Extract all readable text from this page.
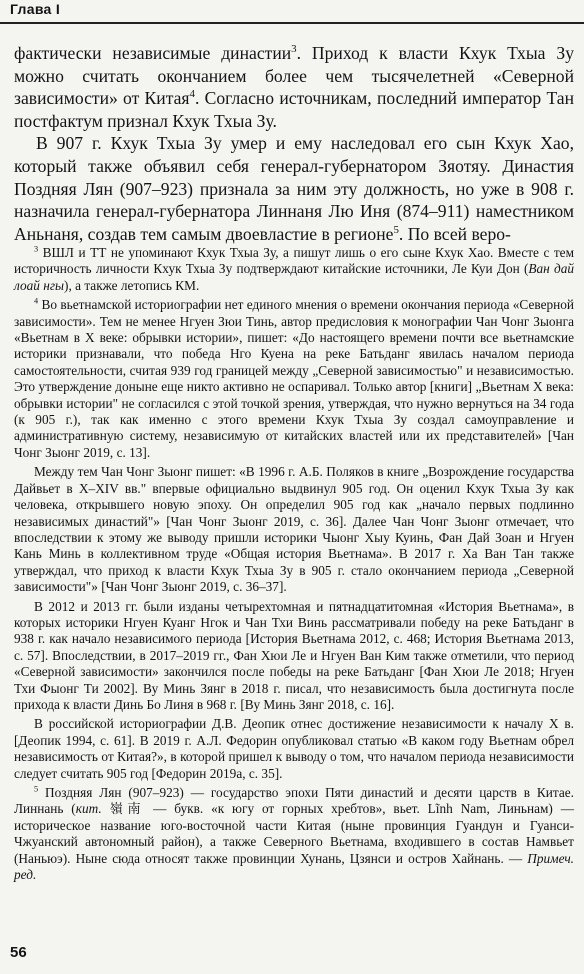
Глава I

фактически независимые династии$^3$. Приход к власти Кхук Тхыа Зу можно считать окончанием более чем тысячелетней «Северной зависимости» от Китая$^4$. Согласно источникам, последний император Тан постфактум признал Кхук Тхыа Зу.

В 907 г. Кхук Тхыа Зу умер и ему наследовал его сын Кхук Хао, который также объявил себя генерал-губернатором Зяотяу. Династия Поздняя Лян (907–923) признала за ним эту должность, но уже в 908 г. назначила генерал-губернатора Линнаня Лю Иня (874–911) наместником Аньнаня, создав тем самым двоевластие в регионе$^5$. По всей веро-

$^3$ ВШЛ и ТТ не упоминают Кхук Тхыа Зу, а пишут лишь о его сыне Кхук Хао. Вместе с тем историчность личности Кхук Тхыа Зу подтверждают китайские источники, Ле Куи Дон (Ван дай лоай нгы), а также летопись КМ.

$^4$ Во вьетнамской историографии нет единого мнения о времени окончания периода «Северной зависимости». Тем не менее Нгуен Зюи Тинь, автор предисловия к монографии Чан Чонг Зыонга «Вьетнам в X веке: обрывки истории», пишет: «До настоящего времени почти все вьетнамские историки признавали, что победа Нго Куена на реке Батьданг явилась началом периода самостоятельности, считая 939 год границей между „Северной зависимостью" и независимостью. Это утверждение доныне еще никто активно не оспаривал. Только автор [книги] „Вьетнам X века: обрывки истории" не согласился с этой точкой зрения, утверждая, что нужно вернуться на 34 года (к 905 г.), так как именно с этого времени Кхук Тхыа Зу создал самоуправление и административную систему, независимую от китайских властей или их представителей» [Чан Чонг Зыонг 2019, с. 13].

Между тем Чан Чонг Зыонг пишет: «В 1996 г. А.Б. Поляков в книге „Возрождение государства Дайвьет в X–XIV вв." впервые официально выдвинул 905 год. Он оценил Кхук Тхыа Зу как человека, открывшего новую эпоху. Он определил 905 год как „начало первых подлинно независимых династий"» [Чан Чонг Зыонг 2019, с. 36]. Далее Чан Чонг Зыонг отмечает, что впоследствии к этому же выводу пришли историки Чыонг Хыу Куинь, Фан Дай Зоан и Нгуен Кань Минь в коллективном труде «Общая история Вьетнама». В 2017 г. Ха Ван Тан также утверждал, что приход к власти Кхук Тхыа Зу в 905 г. стало окончанием периода „Северной зависимости"» [Чан Чонг Зыонг 2019, с. 36–37].

В 2012 и 2013 гг. были изданы четырехтомная и пятнадцатитомная «История Вьетнама», в которых историки Нгуен Куанг Нгок и Чан Тхи Винь рассматривали победу на реке Батьданг в 938 г. как начало независимого периода [История Вьетнама 2012, с. 468; История Вьетнама 2013, с. 57]. Впоследствии, в 2017–2019 гг., Фан Хюи Ле и Нгуен Ван Ким также отметили, что период «Северной зависимости» закончился после победы на реке Батьданг [Фан Хюи Ле 2018; Нгуен Тхи Фыонг Ти 2002]. Ву Минь Зянг в 2018 г. писал, что независимость была достигнута после прихода к власти Динь Бо Линя в 968 г. [Ву Минь Зянг 2018, с. 16].

В российской историографии Д.В. Деопик отнес достижение независимости к началу X в. [Деопик 1994, с. 61]. В 2019 г. А.Л. Федорин опубликовал статью «В каком году Вьетнам обрел независимость от Китая?», в которой пришел к выводу о том, что началом периода независимости следует считать 905 год [Федорин 2019а, с. 35].

$^5$ Поздняя Лян (907–923) — государство эпохи Пяти династий и десяти царств в Китае. Линнань (кит. 嶺南 — букв. «к югу от горных хребтов», вьет. Lĩnh Nam, Линьнам) — историческое название юго-восточной части Китая (ныне провинция Гуандун и Гуанси-Чжуанский автономный район), а также Северного Вьетнама, входившего в состав Намвьет (Наньюэ). Ныне сюда относят также провинции Хунань, Цзянси и остров Хайнань. — Примеч. ред.

56
